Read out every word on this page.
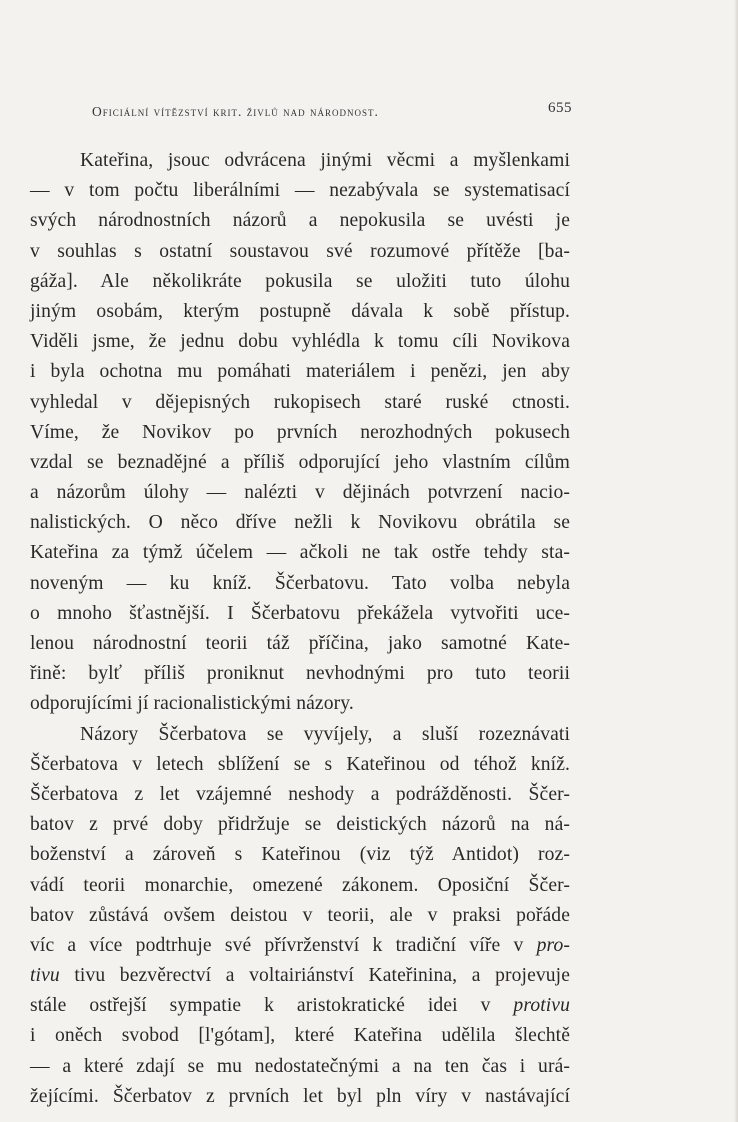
Oficiální vítězství krit. živlů nad národnost.	655
Kateřina, jsouc odvrácena jinými věcmi a myšlenkami
— v tom počtu liberálními — nezabývala se systematisací
svých národnostních názorů a nepokusila se uvésti je
v souhlas s ostatní soustavou své rozumové přítěže [ba-
gáža]. Ale několikráte pokusila se uložiti tuto úlohu
jiným osobám, kterým postupně dávala k sobě přístup.
Viděli jsme, že jednu dobu vyhlédla k tomu cíli Novikova
i byla ochotna mu pomáhati materiálem i penězi, jen aby
vyhledal v dějepisných rukopisech staré ruské ctnosti.
Víme, že Novikov po prvních nerozhodných pokusech
vzdal se beznadějné a příliš odporující jeho vlastním cílům
a názorům úlohy — nalézti v dějinách potvrzení nacio-
nalistických. O něco dříve nežli k Novikovu obrátila se
Kateřina za týmž účelem — ačkoli ne tak ostře tehdy sta-
noveným — ku kníž. Ščerbatovu. Tato volba nebyla
o mnoho šťastnější. I Ščerbatovu překážela vytvořiti uce-
lenou národnostní teorii táž příčina, jako samotné Kate-
řině: bylť příliš proniknut nevhodnými pro tuto teorii
odporujícími jí racionalistickými názory.
Názory Ščerbatova se vyvíjely, a sluší rozeznávati
Ščerbatova v letech sblížení se s Kateřinou od téhož kníž.
Ščerbatova z let vzájemné neshody a podrážděnosti. Ščer-
batov z prvé doby přidržuje se deistických názorů na ná-
boženství a zároveň s Kateřinou (viz týž Antidot) roz-
vádí teorii monarchie, omezené zákonem. Oposiční Ščer-
batov zůstává ovšem deistou v teorii, ale v praksi pořáde
víc a více podtrhuje své přívrženství k tradiční víře v pro-
tivu tivu bezvěrectví a voltairiánství Kateřinina, a projevuje
stále ostřejší sympatie k aristokratické idei v protivu
i oněch svobod [l'gótam], které Kateřina udělila šlechtě
— a které zdají se mu nedostatečnými a na ten čas i urá-
žejícími. Ščerbatov z prvních let byl pln víry v nastávající
